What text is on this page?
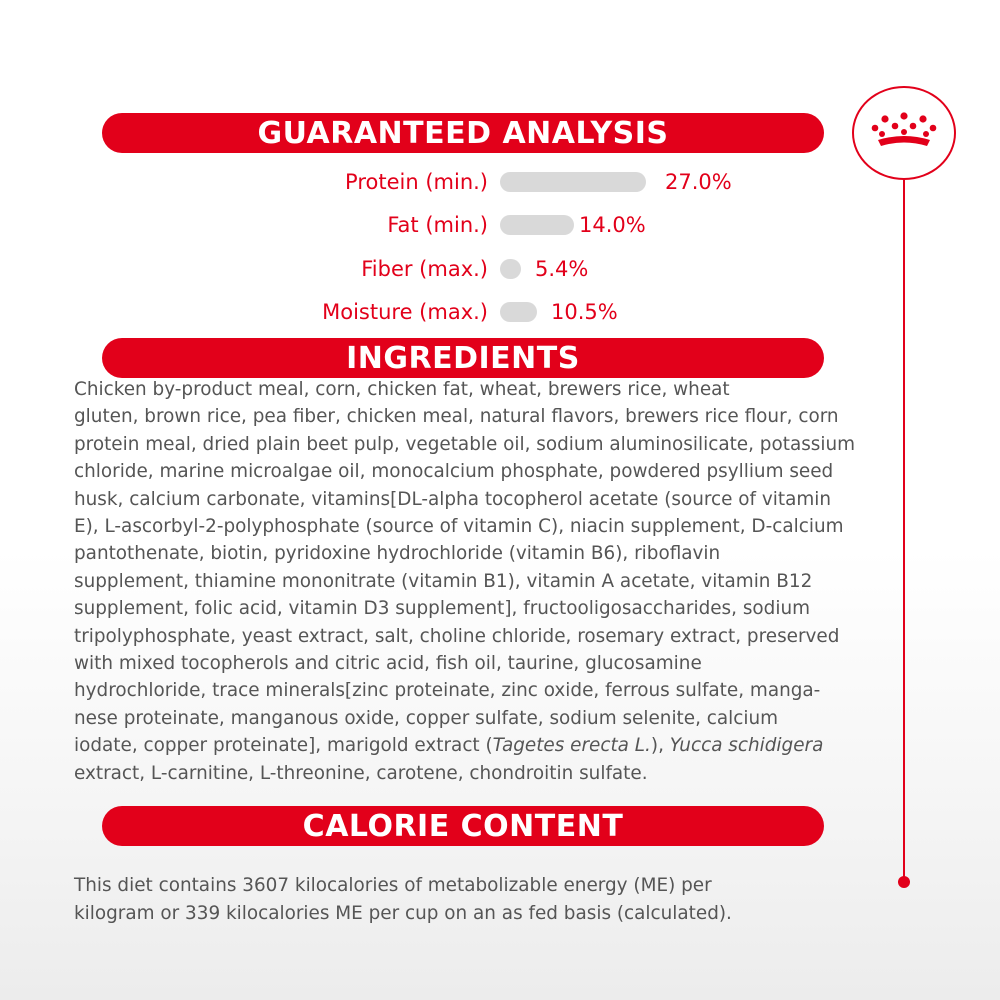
GUARANTEED ANALYSIS
Protein (min.)	27.0%
Fat (min.)	14.0%
Fiber (max.) 5.4%
Moisture (max.)	10.5%
INGREDIENTS
Chicken by-product meal, corn, chicken fat, wheat, brewers rice, wheat
gluten, brown rice, pea fiber, chicken meal, natural flavors, brewers rice flour, corn
protein meal, dried plain beet pulp, vegetable oil, sodium aluminosilicate, potassium
chloride, marine microalgae oil, monocalcium phosphate, powdered psyllium seed
husk, calcium carbonate, vitamins[DL-alpha tocopherol acetate (source of vitamin
E), L-ascorbyl-2-polyphosphate (source of vitamin C), niacin supplement, D-calcium
pantothenate, biotin, pyridoxine hydrochloride (vitamin B6), riboflavin
supplement, thiamine mononitrate (vitamin B1), vitamin A acetate, vitamin B12
supplement, folic acid, vitamin D3 supplement], fructooligosaccharides, sodium
tripolyphosphate, yeast extract, salt, choline chloride, rosemary extract, preserved
with mixed tocopherols and citric acid, fish oil, taurine, glucosamine
hydrochloride, trace minerals[zinc proteinate, zinc oxide, ferrous sulfate, manga-
nese proteinate, manganous oxide, copper sulfate, sodium selenite, calcium
iodate, copper proteinate], marigold extract (Tagetes erecta L.), Yucca schidigera
extract, L-carnitine, L-threonine, carotene, chondroitin sulfate.
CALORIE CONTENT
This diet contains 3607 kilocalories of metabolizable energy (ME) per
kilogram or 339 kilocalories ME per cup on an as fed basis (calculated).
